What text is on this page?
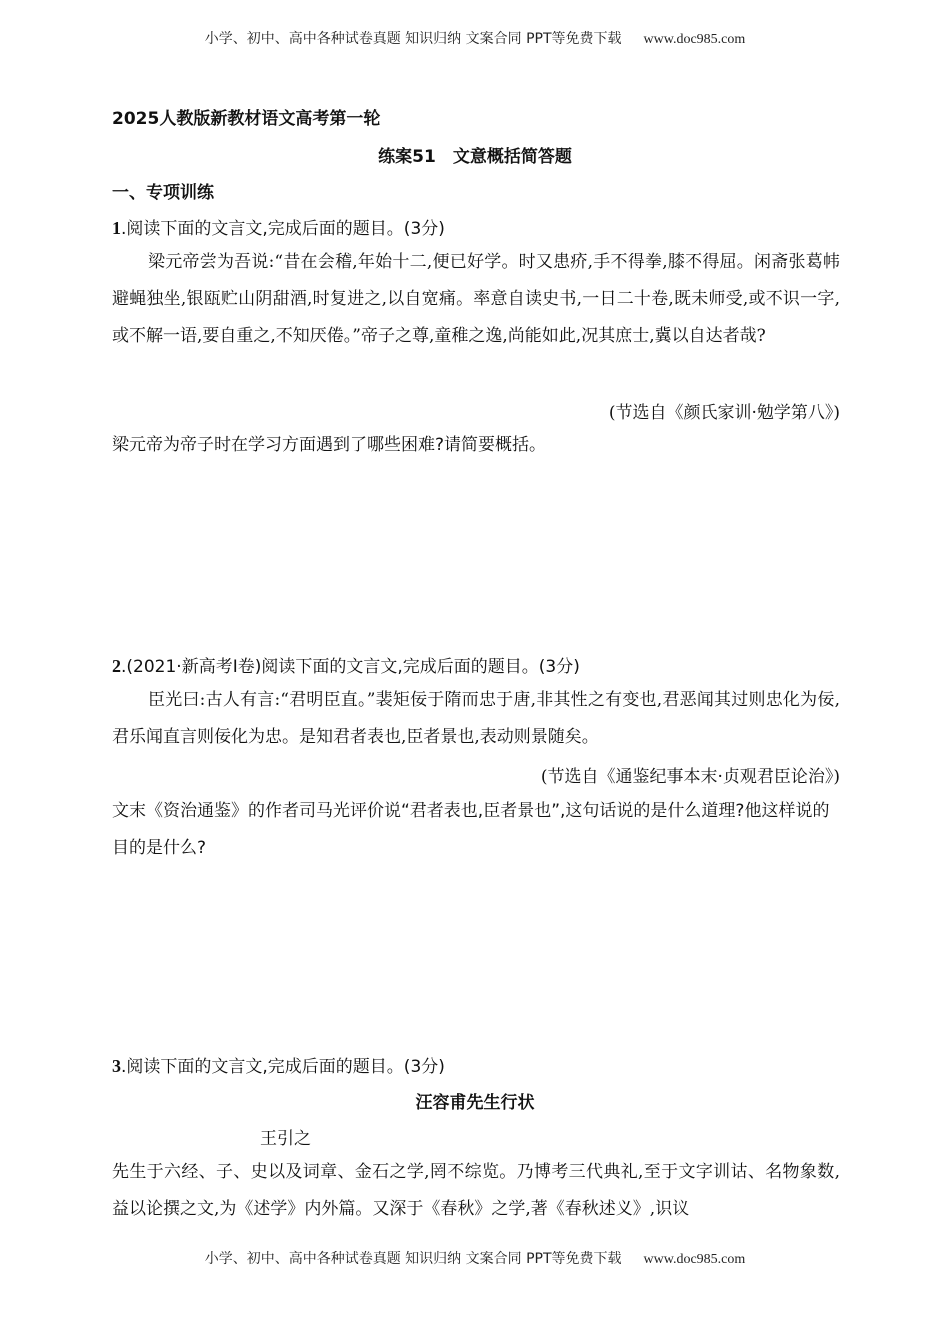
小学、初中、高中各种试卷真题 知识归纳 文案合同 PPT等免费下载 www.doc985.com
2025人教版新教材语文高考第一轮
练案51　文意概括简答题
一、专项训练
1.阅读下面的文言文,完成后面的题目。(3分)
梁元帝尝为吾说:“昔在会稽,年始十二,便已好学。时又患疥,手不得拳,膝不得屈。闲斋张葛帏避蝇独坐,银瓯贮山阴甜酒,时复进之,以自宽痛。率意自读史书,一日二十卷,既未师受,或不识一字,或不解一语,要自重之,不知厌倦。”帝子之尊,童稚之逸,尚能如此,况其庶士,冀以自达者哉?
(节选自《颜氏家训·勉学第八》)
梁元帝为帝子时在学习方面遇到了哪些困难?请简要概括。
2.(2021·新高考Ⅰ卷)阅读下面的文言文,完成后面的题目。(3分)
臣光曰:古人有言:“君明臣直。”裴矩佞于隋而忠于唐,非其性之有变也,君恶闻其过则忠化为佞,君乐闻直言则佞化为忠。是知君者表也,臣者景也,表动则景随矣。
(节选自《通鉴纪事本末·贞观君臣论治》)
文末《资治通鉴》的作者司马光评价说“君者表也,臣者景也”,这句话说的是什么道理?他这样说的目的是什么?
3.阅读下面的文言文,完成后面的题目。(3分)
汪容甫先生行状
王引之
先生于六经、子、史以及词章、金石之学,罔不综览。乃博考三代典礼,至于文字训诂、名物象数,益以论撰之文,为《述学》内外篇。又深于《春秋》之学,著《春秋述义》,识议
小学、初中、高中各种试卷真题 知识归纳 文案合同 PPT等免费下载 www.doc985.com
